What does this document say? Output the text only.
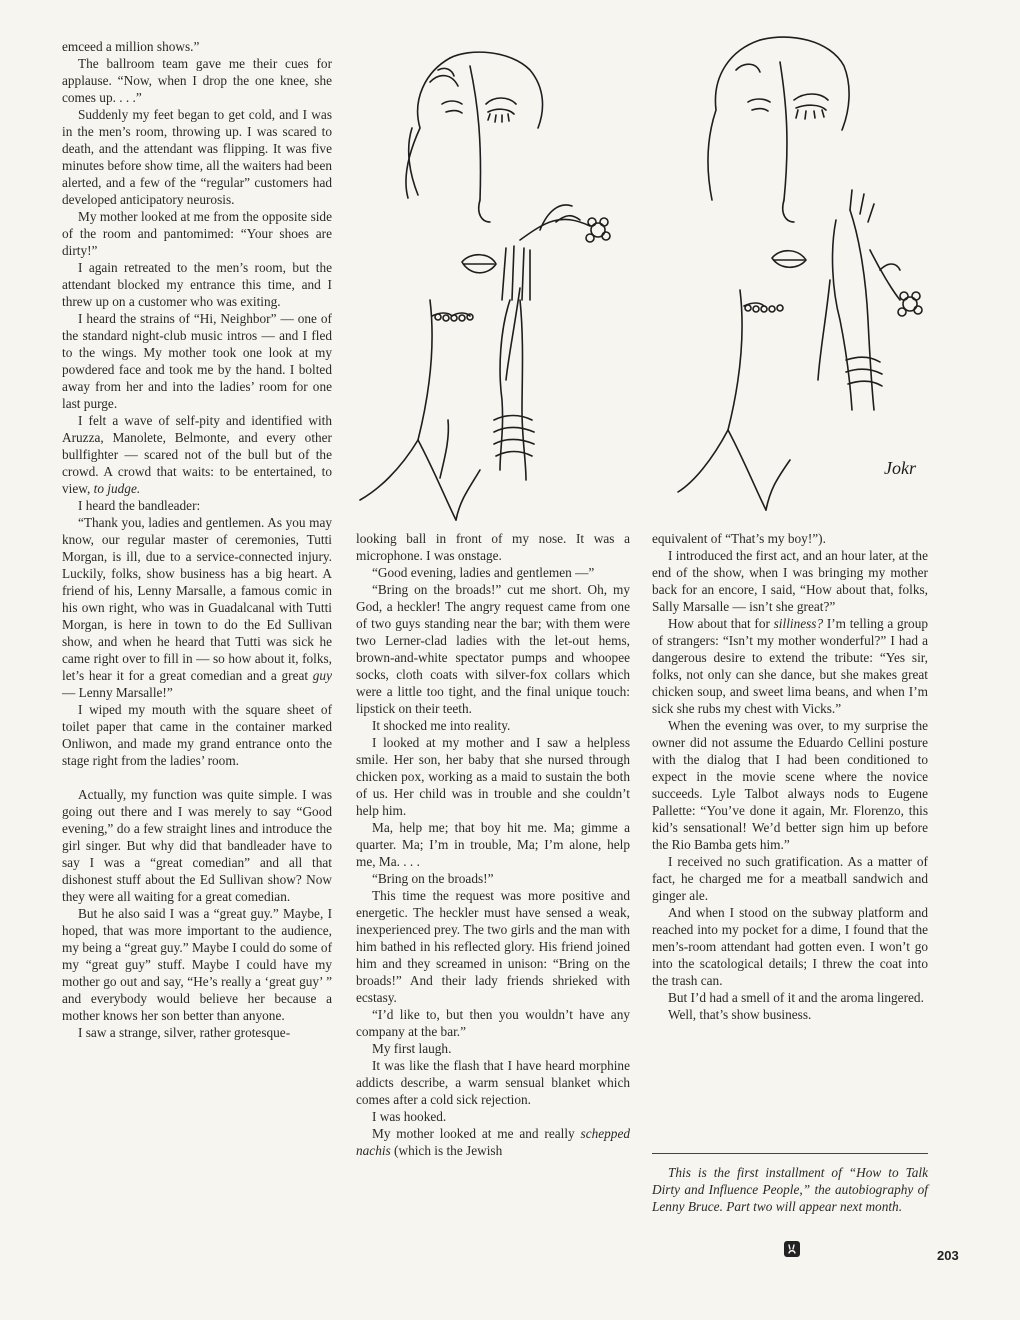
Jokr

emceed a million shows.”

The ballroom team gave me their cues for applause. “Now, when I drop the one knee, she comes up. . . .”

Suddenly my feet began to get cold, and I was in the men’s room, throwing up. I was scared to death, and the attendant was flipping. It was five minutes before show time, all the waiters had been alerted, and a few of the “regular” customers had developed anticipatory neurosis.

My mother looked at me from the opposite side of the room and pantomimed: “Your shoes are dirty!”

I again retreated to the men’s room, but the attendant blocked my entrance this time, and I threw up on a customer who was exiting.

I heard the strains of “Hi, Neighbor” — one of the standard night-club music intros — and I fled to the wings. My mother took one look at my powdered face and took me by the hand. I bolted away from her and into the ladies’ room for one last purge.

I felt a wave of self-pity and identified with Aruzza, Manolete, Belmonte, and every other bullfighter — scared not of the bull but of the crowd. A crowd that waits: to be entertained, to view, to judge.

I heard the bandleader:

“Thank you, ladies and gentlemen. As you may know, our regular master of ceremonies, Tutti Morgan, is ill, due to a service-connected injury. Luckily, folks, show business has a big heart. A friend of his, Lenny Marsalle, a famous comic in his own right, who was in Guadalcanal with Tutti Morgan, is here in town to do the Ed Sullivan show, and when he heard that Tutti was sick he came right over to fill in — so how about it, folks, let’s hear it for a great comedian and a great guy — Lenny Marsalle!”

I wiped my mouth with the square sheet of toilet paper that came in the container marked Onliwon, and made my grand entrance onto the stage right from the ladies’ room.

Actually, my function was quite simple. I was going out there and I was merely to say “Good evening,” do a few straight lines and introduce the girl singer. But why did that bandleader have to say I was a “great comedian” and all that dishonest stuff about the Ed Sullivan show? Now they were all waiting for a great comedian.

But he also said I was a “great guy.” Maybe, I hoped, that was more important to the audience, my being a “great guy.” Maybe I could do some of my “great guy” stuff. Maybe I could have my mother go out and say, “He’s really a ‘great guy’ ” and everybody would believe her because a mother knows her son better than anyone.

I saw a strange, silver, rather grotesque-

looking ball in front of my nose. It was a microphone. I was onstage.

“Good evening, ladies and gentlemen —”

“Bring on the broads!” cut me short. Oh, my God, a heckler! The angry request came from one of two guys standing near the bar; with them were two Lerner-clad ladies with the let-out hems, brown-and-white spectator pumps and whoopee socks, cloth coats with silver-fox collars which were a little too tight, and the final unique touch: lipstick on their teeth.

It shocked me into reality.

I looked at my mother and I saw a helpless smile. Her son, her baby that she nursed through chicken pox, working as a maid to sustain the both of us. Her child was in trouble and she couldn’t help him.

Ma, help me; that boy hit me. Ma; gimme a quarter. Ma; I’m in trouble, Ma; I’m alone, help me, Ma. . . .

“Bring on the broads!”

This time the request was more positive and energetic. The heckler must have sensed a weak, inexperienced prey. The two girls and the man with him bathed in his reflected glory. His friend joined him and they screamed in unison: “Bring on the broads!” And their lady friends shrieked with ecstasy.

“I’d like to, but then you wouldn’t have any company at the bar.”

My first laugh.

It was like the flash that I have heard morphine addicts describe, a warm sensual blanket which comes after a cold sick rejection.

I was hooked.

My mother looked at me and really schepped nachis (which is the Jewish

equivalent of “That’s my boy!”).

I introduced the first act, and an hour later, at the end of the show, when I was bringing my mother back for an encore, I said, “How about that, folks, Sally Marsalle — isn’t she great?”

How about that for silliness? I’m telling a group of strangers: “Isn’t my mother wonderful?” I had a dangerous desire to extend the tribute: “Yes sir, folks, not only can she dance, but she makes great chicken soup, and sweet lima beans, and when I’m sick she rubs my chest with Vicks.”

When the evening was over, to my surprise the owner did not assume the Eduardo Cellini posture with the dialog that I had been conditioned to expect in the movie scene where the novice succeeds. Lyle Talbot always nods to Eugene Pallette: “You’ve done it again, Mr. Florenzo, this kid’s sensational! We’d better sign him up before the Rio Bamba gets him.”

I received no such gratification. As a matter of fact, he charged me for a meatball sandwich and ginger ale.

And when I stood on the subway platform and reached into my pocket for a dime, I found that the men’s-room attendant had gotten even. I won’t go into the scatological details; I threw the coat into the trash can.

But I’d had a smell of it and the aroma lingered.

Well, that’s show business.

This is the first installment of “How to Talk Dirty and Influence People,” the autobiography of Lenny Bruce. Part two will appear next month.

203
